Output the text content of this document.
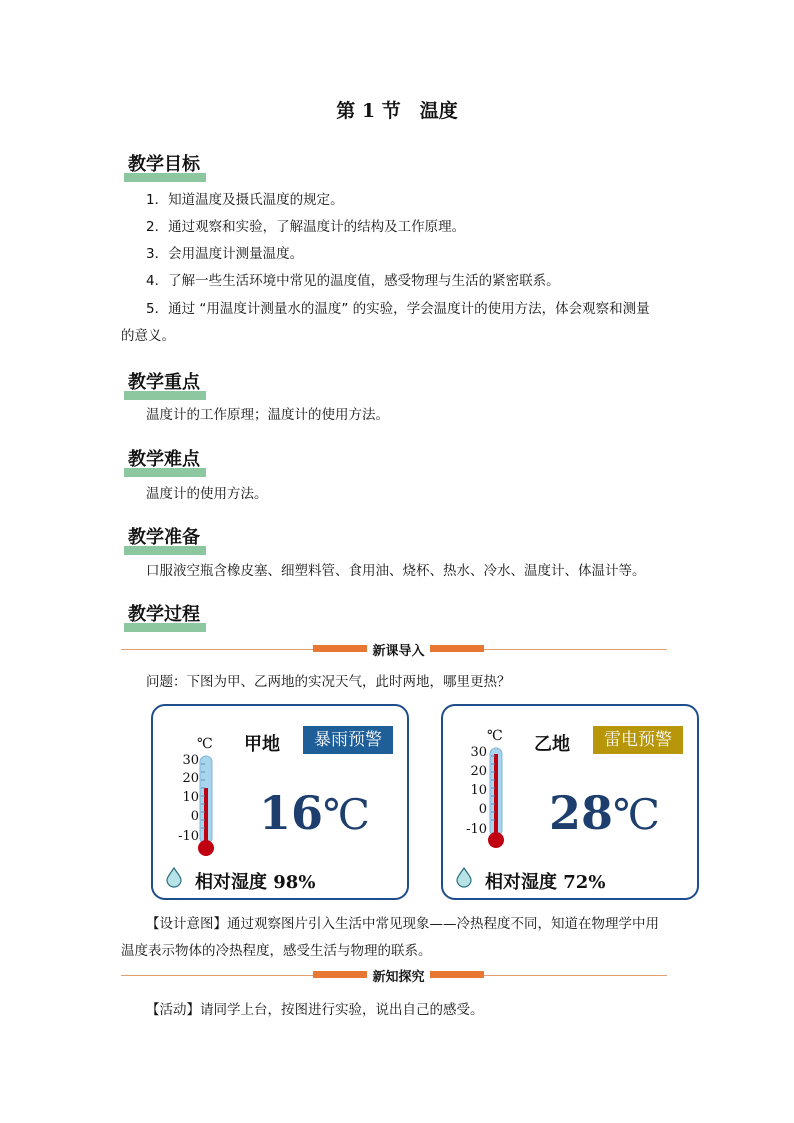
第 1 节　温度
教学目标
1．知道温度及摄氏温度的规定。
2．通过观察和实验，了解温度计的结构及工作原理。
3．会用温度计测量温度。
4．了解一些生活环境中常见的温度值，感受物理与生活的紧密联系。
5．通过 “用温度计测量水的温度” 的实验，学会温度计的使用方法，体会观察和测量
的意义。
教学重点
温度计的工作原理；温度计的使用方法。
教学难点
温度计的使用方法。
教学准备
口服液空瓶含橡皮塞、细塑料管、食用油、烧杯、热水、冷水、温度计、体温计等。
教学过程
新课导入
问题：下图为甲、乙两地的实况天气，此时两地，哪里更热？
℃
30
20
10
0
-10
甲地	暴雨预警
16 ℃
相对湿度 98%
℃
30
20
10
0
-10
乙地	雷电预警
28 ℃
相对湿度 72%
【设计意图】通过观察图片引入生活中常见现象——冷热程度不同，知道在物理学中用
温度表示物体的冷热程度，感受生活与物理的联系。
新知探究
【活动】请同学上台，按图进行实验，说出自己的感受。
